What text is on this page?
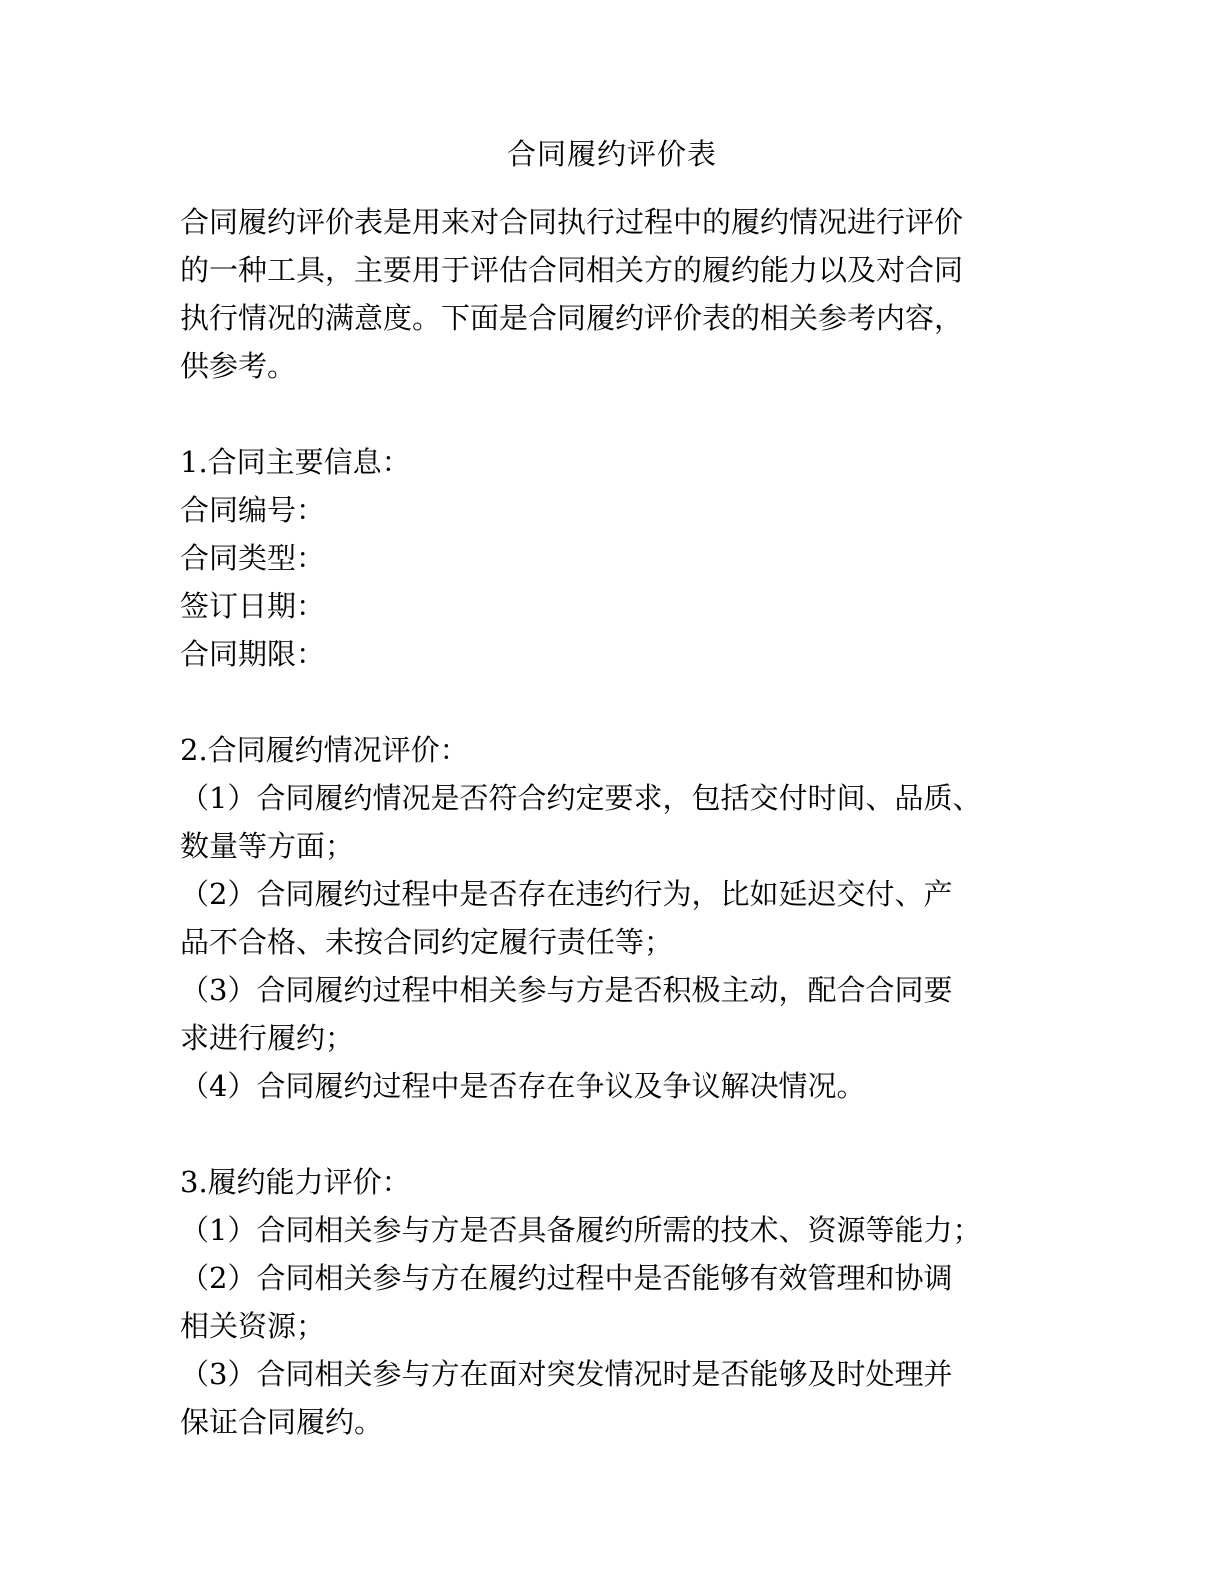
合同履约评价表
合同履约评价表是用来对合同执行过程中的履约情况进行评价
的一种工具，主要用于评估合同相关方的履约能力以及对合同
执行情况的满意度。下面是合同履约评价表的相关参考内容，
供参考。
1.合同主要信息：
合同编号：
合同类型：
签订日期：
合同期限：
2.合同履约情况评价：
（1）合同履约情况是否符合约定要求，包括交付时间、品质、
数量等方面；
（2）合同履约过程中是否存在违约行为，比如延迟交付、产
品不合格、未按合同约定履行责任等；
（3）合同履约过程中相关参与方是否积极主动，配合合同要
求进行履约；
（4）合同履约过程中是否存在争议及争议解决情况。
3.履约能力评价：
（1）合同相关参与方是否具备履约所需的技术、资源等能力；
（2）合同相关参与方在履约过程中是否能够有效管理和协调
相关资源；
（3）合同相关参与方在面对突发情况时是否能够及时处理并
保证合同履约。
